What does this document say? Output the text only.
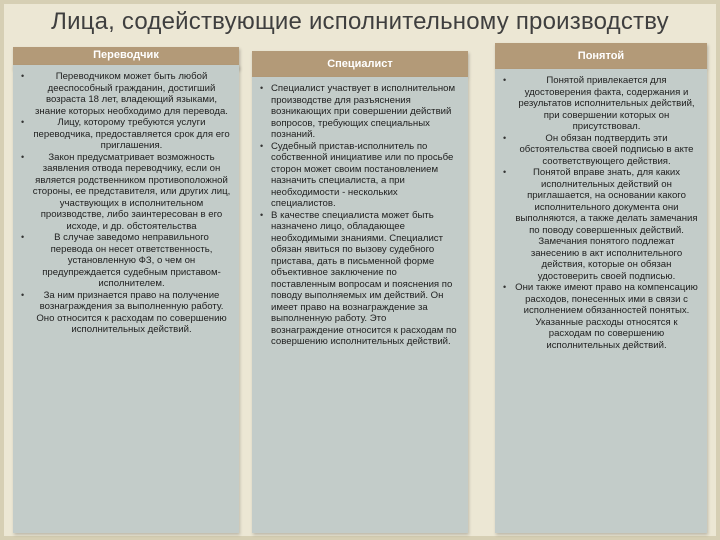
Лица, содействующие исполнительному производству
Переводчик
• Переводчиком может быть любой дееспособный гражданин, достигший возраста 18 лет, владеющий языками, знание которых необходимо для перевода.
• Лицу, которому требуются услуги переводчика, предоставляется срок для его приглашения.
• Закон предусматривает возможность заявления отвода переводчику, если он является родственником противоположной стороны, ее представителя, или других лиц, участвующих в исполнительном производстве, либо заинтересован в его исходе, и др. обстоятельства
• В случае заведомо неправильного перевода он несет ответственность, установленную ФЗ, о чем он предупреждается судебным приставом-исполнителем.
• За ним признается право на получение вознаграждения за выполненную работу. Оно относится к расходам по совершению исполнительных действий.
Специалист
• Специалист участвует в исполнительном производстве для разъяснения возникающих при совершении действий вопросов, требующих специальных познаний.
• Судебный пристав-исполнитель по собственной инициативе или по просьбе сторон может своим постановлением назначить специалиста, а при необходимости - нескольких специалистов.
• В качестве специалиста может быть назначено лицо, обладающее необходимыми знаниями. Специалист обязан явиться по вызову судебного пристава, дать в письменной форме объективное заключение по поставленным вопросам и пояснения по поводу выполняемых им действий. Он имеет право на вознаграждение за выполненную работу. Это вознаграждение относится к расходам по совершению исполнительных действий.
Понятой
• Понятой привлекается для удостоверения факта, содержания и результатов исполнительных действий, при совершении которых он присутствовал.
• Он обязан подтвердить эти обстоятельства своей подписью в акте соответствующего действия.
• Понятой вправе знать, для каких исполнительных действий он приглашается, на основании какого исполнительного документа они выполняются, а также делать замечания по поводу совершенных действий. Замечания понятого подлежат занесению в акт исполнительного действия, которые он обязан удостоверить своей подписью.
• Они также имеют право на компенсацию расходов, понесенных ими в связи с исполнением обязанностей понятых. Указанные расходы относятся к расходам по совершению исполнительных действий.
